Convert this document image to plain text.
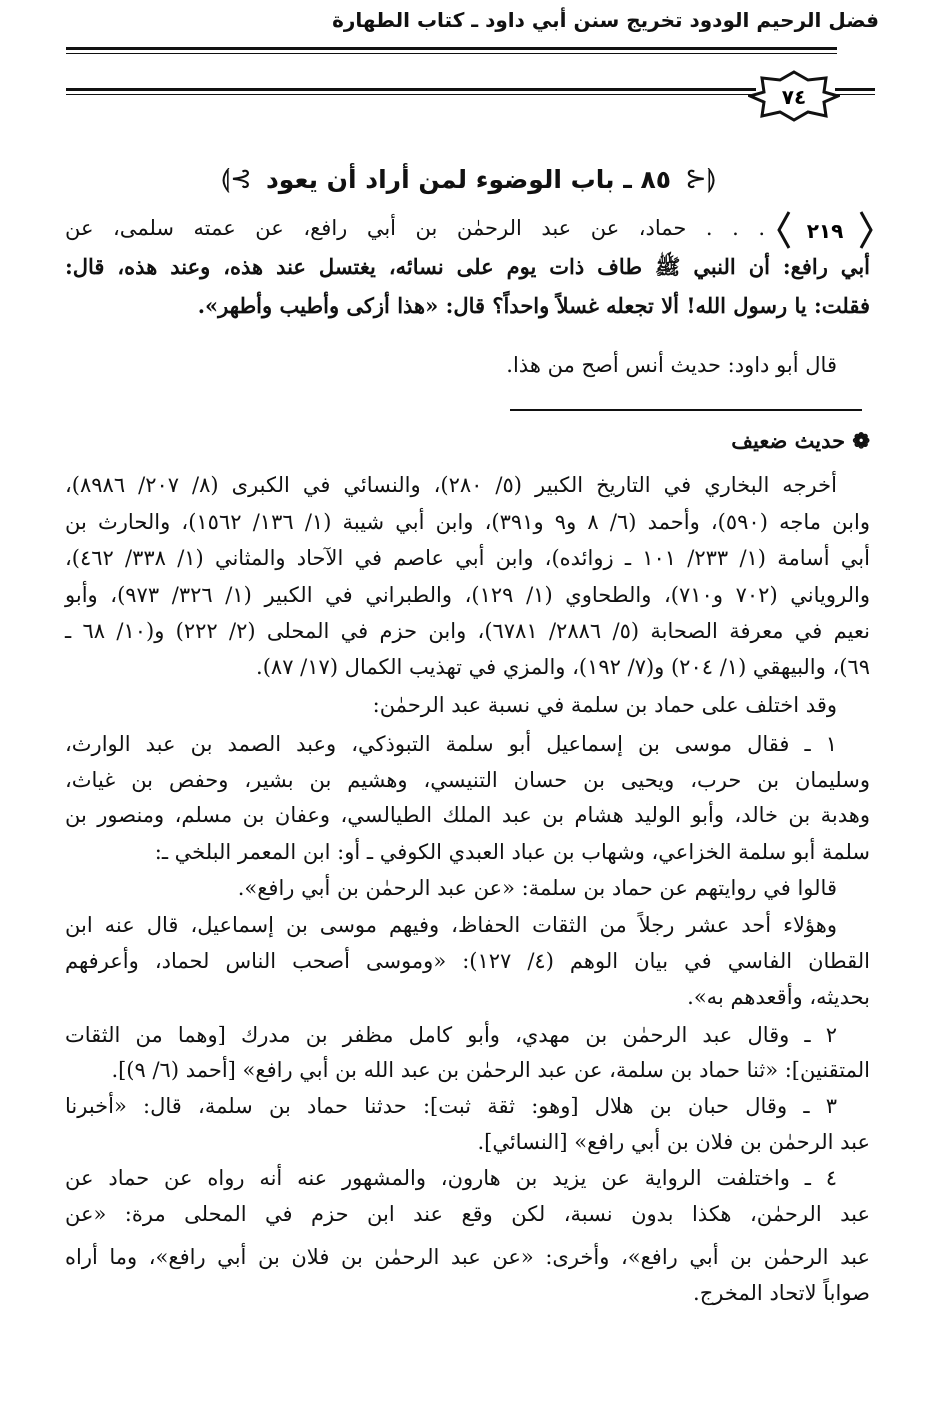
فضل الرحيم الودود تخريج سنن أبي داود ـ كتاب الطهارة
٧٤
⟬⊰
٨٥ ـ باب الوضوء لمن أراد أن يعود
⊱⟭
٢١٩
. . . حماد، عن عبد الرحمٰن بن أبي رافع، عن عمته سلمى، عن
أبي رافع: أن النبي ﷺ طاف ذات يوم على نسائه، يغتسل عند هذه، وعند هذه، قال:
فقلت: يا رسول الله! ألا تجعله غسلاً واحداً؟ قال: «هذا أزكى وأطيب وأطهر».
قال أبو داود: حديث أنس أصح من هذا.
❁ حديث ضعيف
أخرجه البخاري في التاريخ الكبير (٥/ ٢٨٠)، والنسائي في الكبرى (٨/ ٢٠٧/ ٨٩٨٦)،
وابن ماجه (٥٩٠)، وأحمد (٦/ ٨ و٩ و٣٩١)، وابن أبي شيبة (١/ ١٣٦/ ١٥٦٢)، والحارث بن
أبي أسامة (١/ ٢٣٣/ ١٠١ ـ زوائده)، وابن أبي عاصم في الآحاد والمثاني (١/ ٣٣٨/ ٤٦٢)،
والروياني (٧٠٢ و٧١٠)، والطحاوي (١/ ١٢٩)، والطبراني في الكبير (١/ ٣٢٦/ ٩٧٣)، وأبو
نعيم في معرفة الصحابة (٥/ ٢٨٨٦/ ٦٧٨١)، وابن حزم في المحلى (٢/ ٢٢٢) و(١٠/ ٦٨ ـ
٦٩)، والبيهقي (١/ ٢٠٤) و(٧/ ١٩٢)، والمزي في تهذيب الكمال (١٧/ ٨٧).
وقد اختلف على حماد بن سلمة في نسبة عبد الرحمٰن:
١ ـ فقال موسى بن إسماعيل أبو سلمة التبوذكي، وعبد الصمد بن عبد الوارث،
وسليمان بن حرب، ويحيى بن حسان التنيسي، وهشيم بن بشير، وحفص بن غياث،
وهدبة بن خالد، وأبو الوليد هشام بن عبد الملك الطيالسي، وعفان بن مسلم، ومنصور بن
سلمة أبو سلمة الخزاعي، وشهاب بن عباد العبدي الكوفي ـ أو: ابن المعمر البلخي ـ:
قالوا في روايتهم عن حماد بن سلمة: «عن عبد الرحمٰن بن أبي رافع».
وهؤلاء أحد عشر رجلاً من الثقات الحفاظ، وفيهم موسى بن إسماعيل، قال عنه ابن
القطان الفاسي في بيان الوهم (٤/ ١٢٧): «وموسى أصحب الناس لحماد، وأعرفهم
بحديثه، وأقعدهم به».
٢ ـ وقال عبد الرحمٰن بن مهدي، وأبو كامل مظفر بن مدرك [وهما من الثقات
المتقنين]: «ثنا حماد بن سلمة، عن عبد الرحمٰن بن عبد الله بن أبي رافع» [أحمد (٦/ ٩)].
٣ ـ وقال حبان بن هلال [وهو: ثقة ثبت]: حدثنا حماد بن سلمة، قال: «أخبرنا
عبد الرحمٰن بن فلان بن أبي رافع» [النسائي].
٤ ـ واختلفت الرواية عن يزيد بن هارون، والمشهور عنه أنه رواه عن حماد عن
عبد الرحمٰن، هكذا بدون نسبة، لكن وقع عند ابن حزم في المحلى مرة: «عن
عبد الرحمٰن بن أبي رافع»، وأخرى: «عن عبد الرحمٰن بن فلان بن أبي رافع»، وما أراه
صواباً لاتحاد المخرج.
